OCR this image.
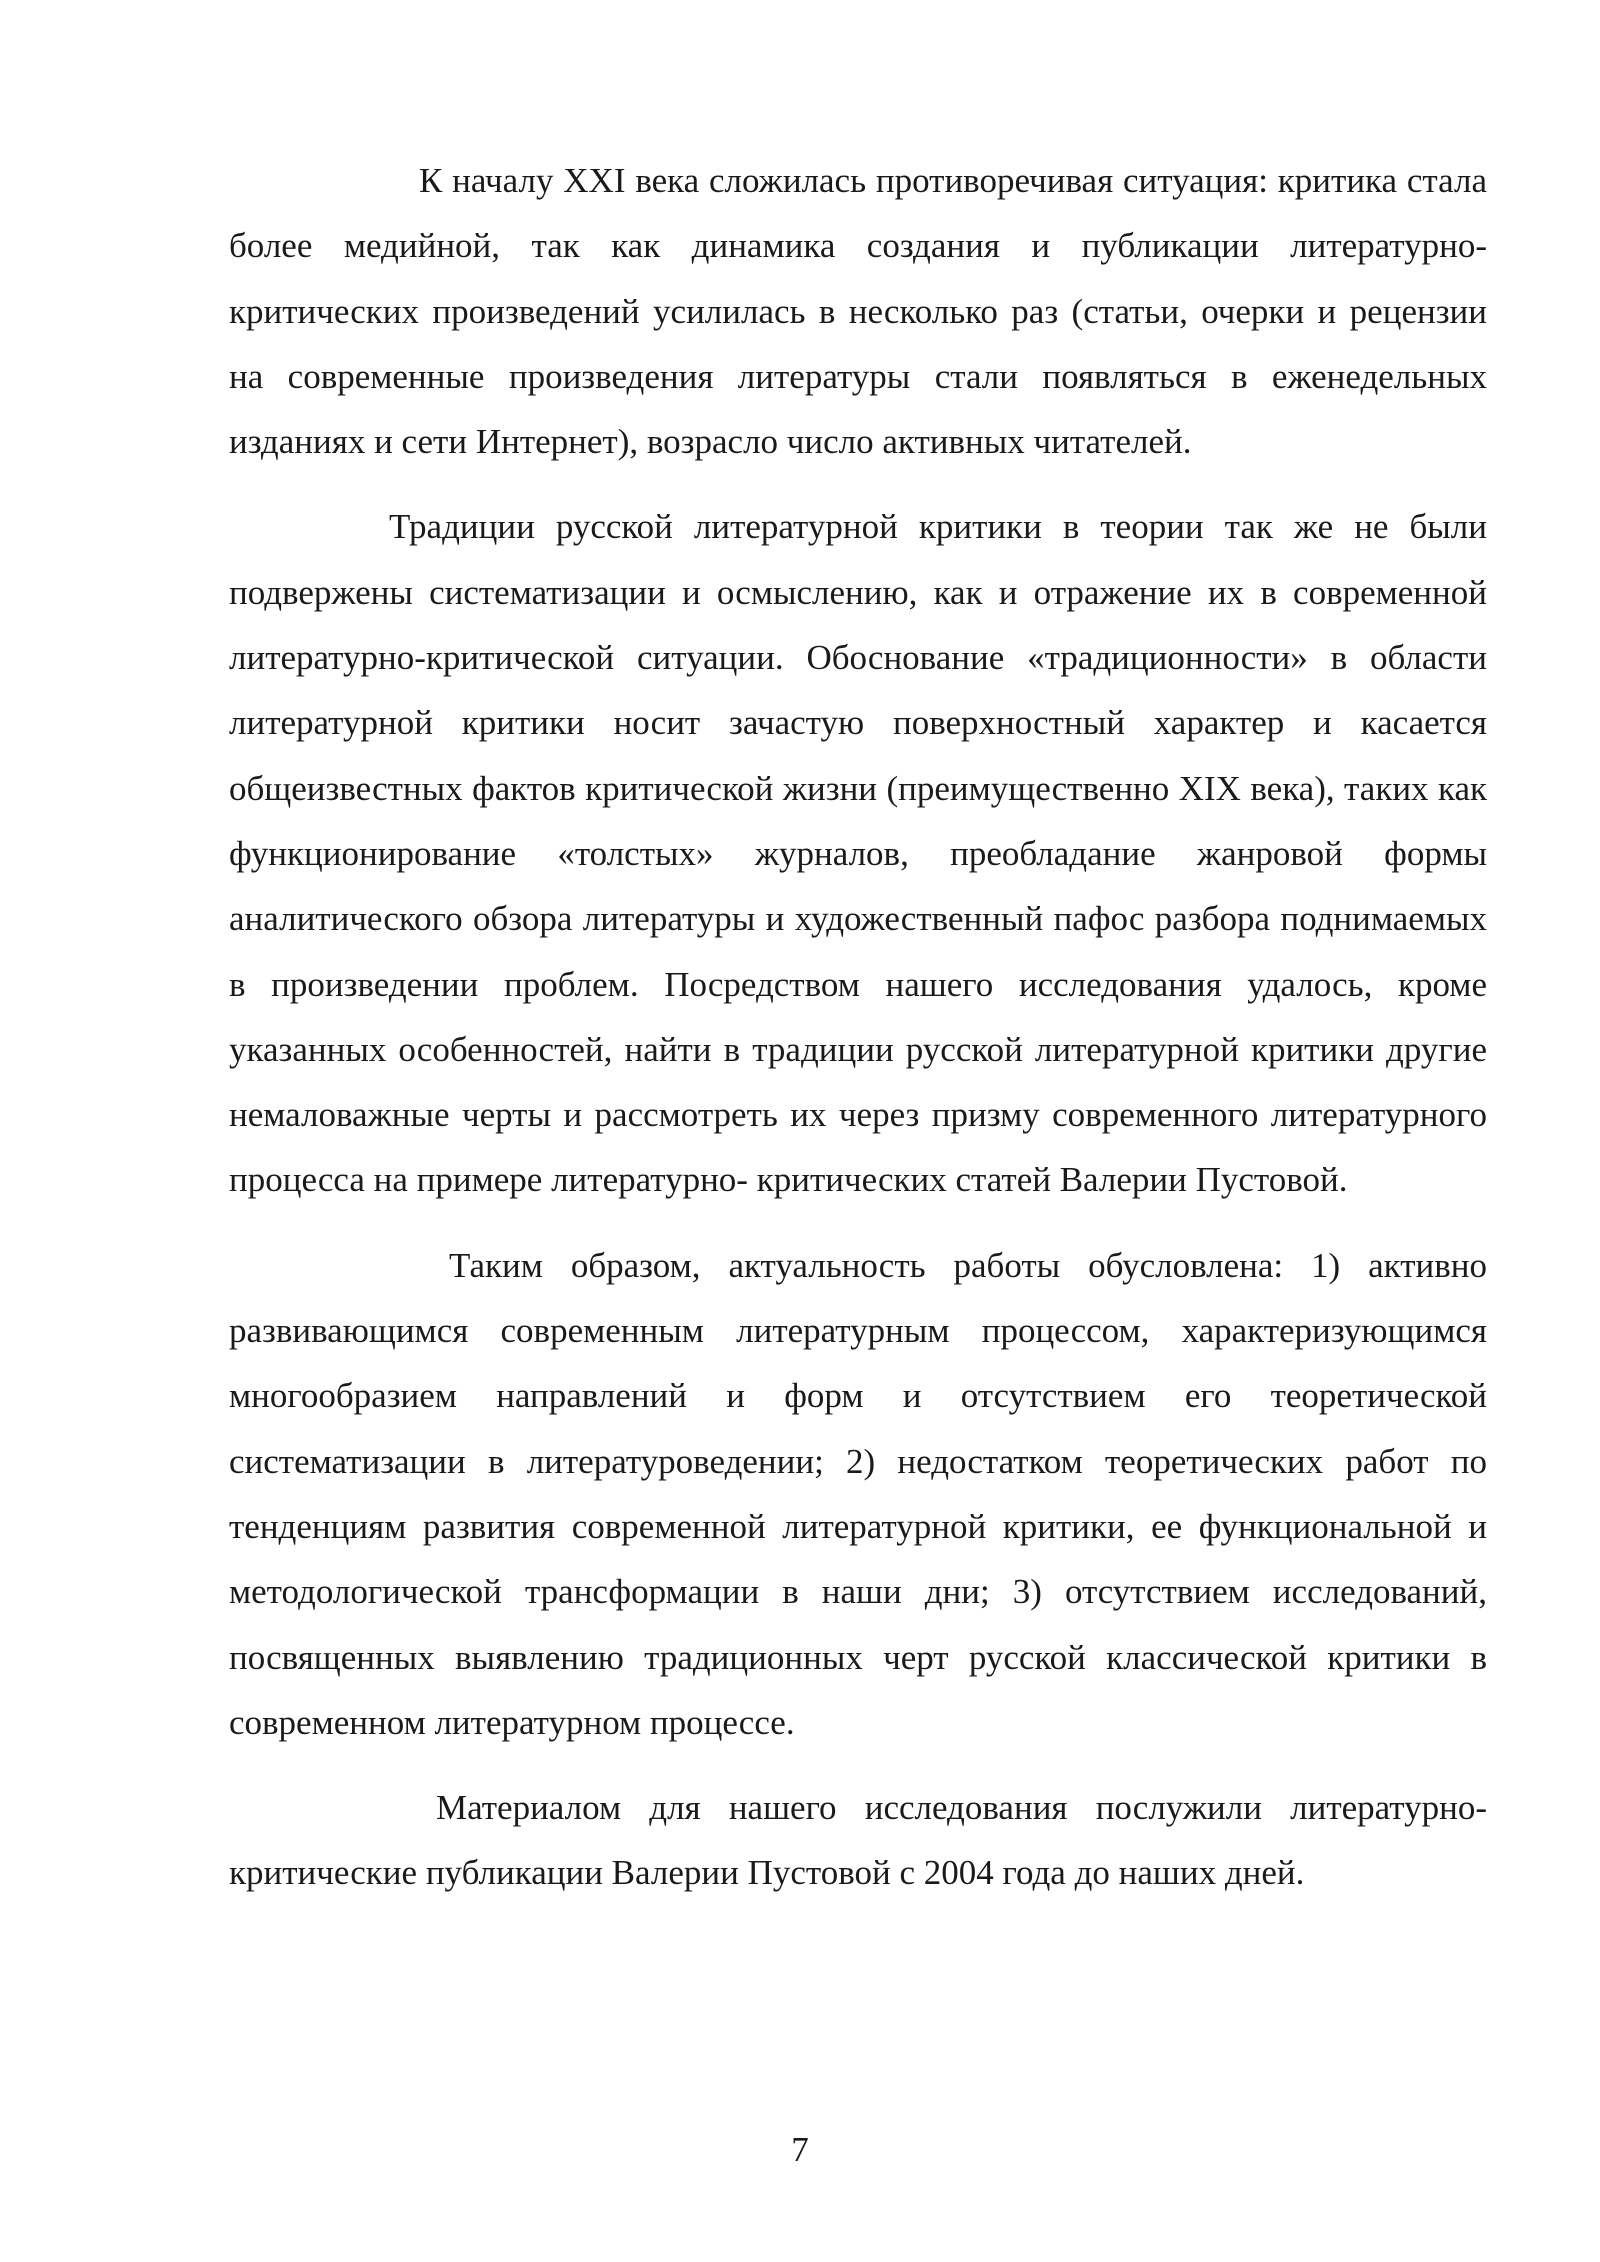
К началу XXI века сложилась противоречивая ситуация: критика стала более медийной, так как динамика создания и публикации литературно- критических произведений усилилась в несколько раз (статьи, очерки и рецензии на современные произведения литературы стали появляться в еженедельных изданиях и сети Интернет), возрасло число активных читателей.

Традиции русской литературной критики в теории так же не были подвержены систематизации и осмыслению, как и отражение их в современной литературно-критической ситуации. Обоснование «традиционности» в области литературной критики носит зачастую поверхностный характер и касается общеизвестных фактов критической жизни (преимущественно XIX века), таких как функционирование «толстых» журналов, преобладание жанровой формы аналитического обзора литературы и художественный пафос разбора поднимаемых в произведении проблем. Посредством нашего исследования удалось, кроме указанных особенностей, найти в традиции русской литературной критики другие немаловажные черты и рассмотреть их через призму современного литературного процесса на примере литературно- критических статей Валерии Пустовой.

Таким образом, актуальность работы обусловлена: 1) активно развивающимся современным литературным процессом, характеризующимся многообразием направлений и форм и отсутствием его теоретической систематизации в литературоведении; 2) недостатком теоретических работ по тенденциям развития современной литературной критики, ее функциональной и методологической трансформации в наши дни; 3) отсутствием исследований, посвященных выявлению традиционных черт русской классической критики в современном литературном процессе.

Материалом для нашего исследования послужили литературно-критические публикации Валерии Пустовой с 2004 года до наших дней.

7
